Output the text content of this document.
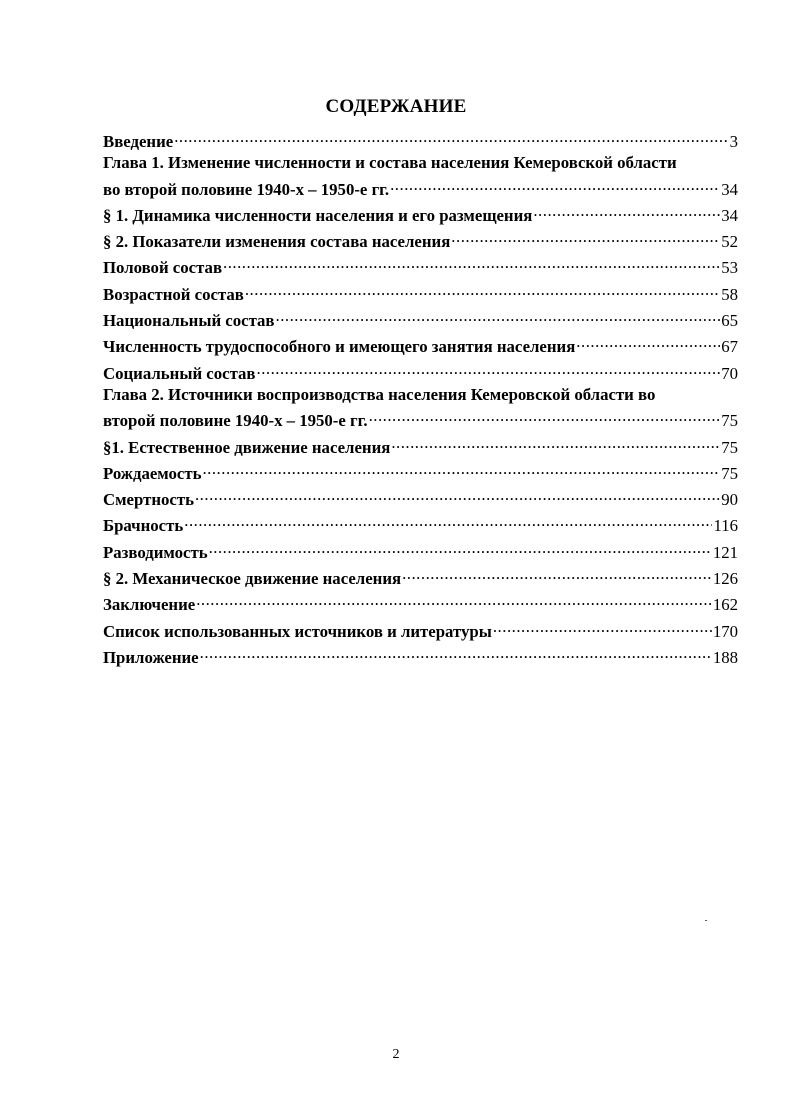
СОДЕРЖАНИЕ
Введение .....	3
Глава 1. Изменение численности и состава населения Кемеровской области
во второй половине 1940-х – 1950-е гг. .....	34
§ 1. Динамика численности населения и его размещения .....	34
§ 2. Показатели изменения состава населения .....	52
Половой состав .....	53
Возрастной состав .....	58
Национальный состав .....	65
Численность трудоспособного и имеющего занятия населения .....	67
Социальный состав .....	70
Глава 2. Источники воспроизводства населения Кемеровской области во
второй половине 1940-х – 1950-е гг. .....	75
§1. Естественное движение населения .....	75
Рождаемость .....	75
Смертность .....	90
Брачность .....	116
Разводимость .....	121
§ 2. Механическое движение населения .....	126
Заключение .....	162
Список использованных источников и литературы .....	170
Приложение .....	188
2
